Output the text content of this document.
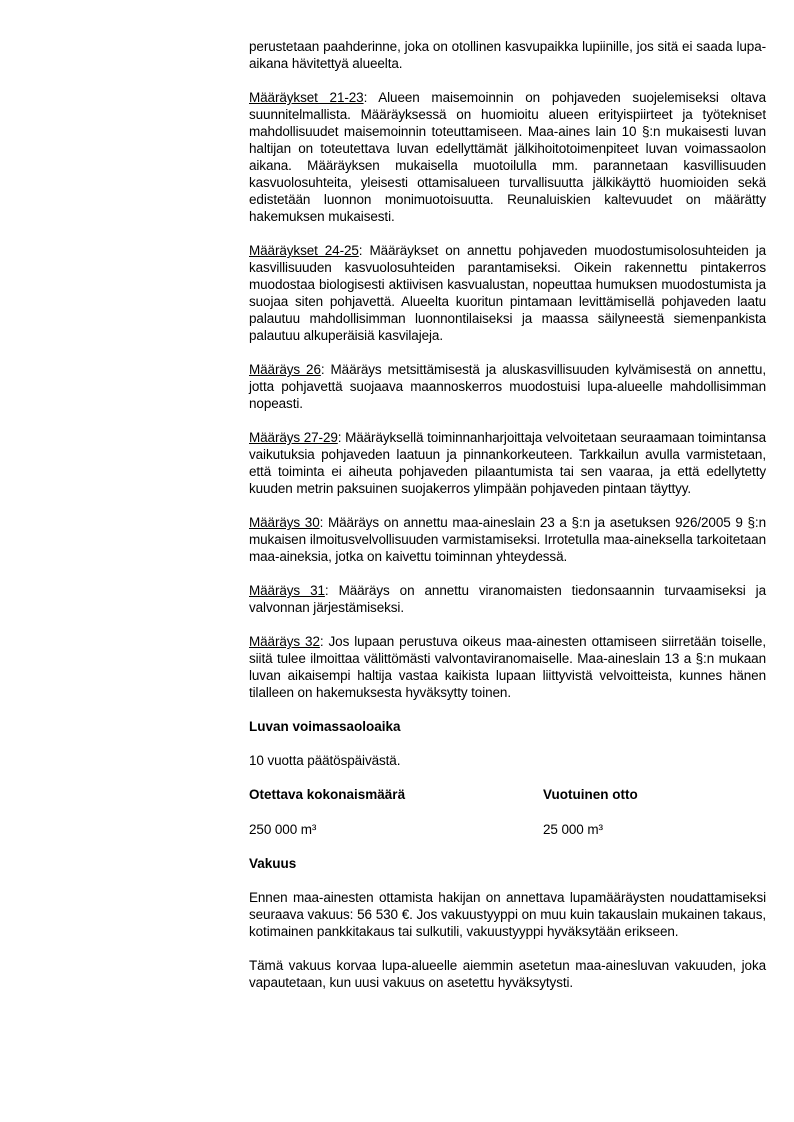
perustetaan paahderinne, joka on otollinen kasvupaikka lupiinille, jos sitä ei saada lupa-aikana hävitettyä alueelta.

Määräykset 21-23: Alueen maisemoinnin on pohjaveden suojelemiseksi oltava suunnitelmallista. Määräyksessä on huomioitu alueen erityispiirteet ja työtekniset mahdollisuudet maisemoinnin toteuttamiseen. Maa-aines lain 10 §:n mukaisesti luvan haltijan on toteutettava luvan edellyttämät jälkihoitotoimenpiteet luvan voimassaolon aikana. Määräyksen mukaisella muotoilulla mm. parannetaan kasvillisuuden kasvuolosuhteita, yleisesti ottamisalueen turvallisuutta jälkikäyttö huomioiden sekä edistetään luonnon monimuotoisuutta. Reunaluiskien kaltevuudet on määrätty hakemuksen mukaisesti.

Määräykset 24-25: Määräykset on annettu pohjaveden muodostumisolosuhteiden ja kasvillisuuden kasvuolosuhteiden parantamiseksi. Oikein rakennettu pintakerros muodostaa biologisesti aktiivisen kasvualustan, nopeuttaa humuksen muodostumista ja suojaa siten pohjavettä. Alueelta kuoritun pintamaan levittämisellä pohjaveden laatu palautuu mahdollisimman luonnontilaiseksi ja maassa säilyneestä siemenpankista palautuu alkuperäisiä kasvilajeja.

Määräys 26: Määräys metsittämisestä ja aluskasvillisuuden kylvämisestä on annettu, jotta pohjavettä suojaava maannoskerros muodostuisi lupa-alueelle mahdollisimman nopeasti.

Määräys 27-29: Määräyksellä toiminnanharjoittaja velvoitetaan seuraamaan toimintansa vaikutuksia pohjaveden laatuun ja pinnankorkeuteen. Tarkkailun avulla varmistetaan, että toiminta ei aiheuta pohjaveden pilaantumista tai sen vaaraa, ja että edellytetty kuuden metrin paksuinen suojakerros ylimpään pohjaveden pintaan täyttyy.

Määräys 30: Määräys on annettu maa-aineslain 23 a §:n ja asetuksen 926/2005 9 §:n mukaisen ilmoitusvelvollisuuden varmistamiseksi. Irrotetulla maa-aineksella tarkoitetaan maa-aineksia, jotka on kaivettu toiminnan yhteydessä.

Määräys 31: Määräys on annettu viranomaisten tiedonsaannin turvaamiseksi ja valvonnan järjestämiseksi.

Määräys 32: Jos lupaan perustuva oikeus maa-ainesten ottamiseen siirretään toiselle, siitä tulee ilmoittaa välittömästi valvontaviranomaiselle. Maa-aineslain 13 a §:n mukaan luvan aikaisempi haltija vastaa kaikista lupaan liittyvistä velvoitteista, kunnes hänen tilalleen on hakemuksesta hyväksytty toinen.

Luvan voimassaoloaika

10 vuotta päätöspäivästä.

Otettava kokonaismäärä
250 000 m³
Vuotuinen otto
25 000 m³
Vakuus

Ennen maa-ainesten ottamista hakijan on annettava lupamääräysten noudattamiseksi seuraava vakuus: 56 530 €. Jos vakuustyyppi on muu kuin takauslain mukainen takaus, kotimainen pankkitakaus tai sulkutili, vakuustyyppi hyväksytään erikseen.

Tämä vakuus korvaa lupa-alueelle aiemmin asetetun maa-ainesluvan vakuuden, joka vapautetaan, kun uusi vakuus on asetettu hyväksytysti.
